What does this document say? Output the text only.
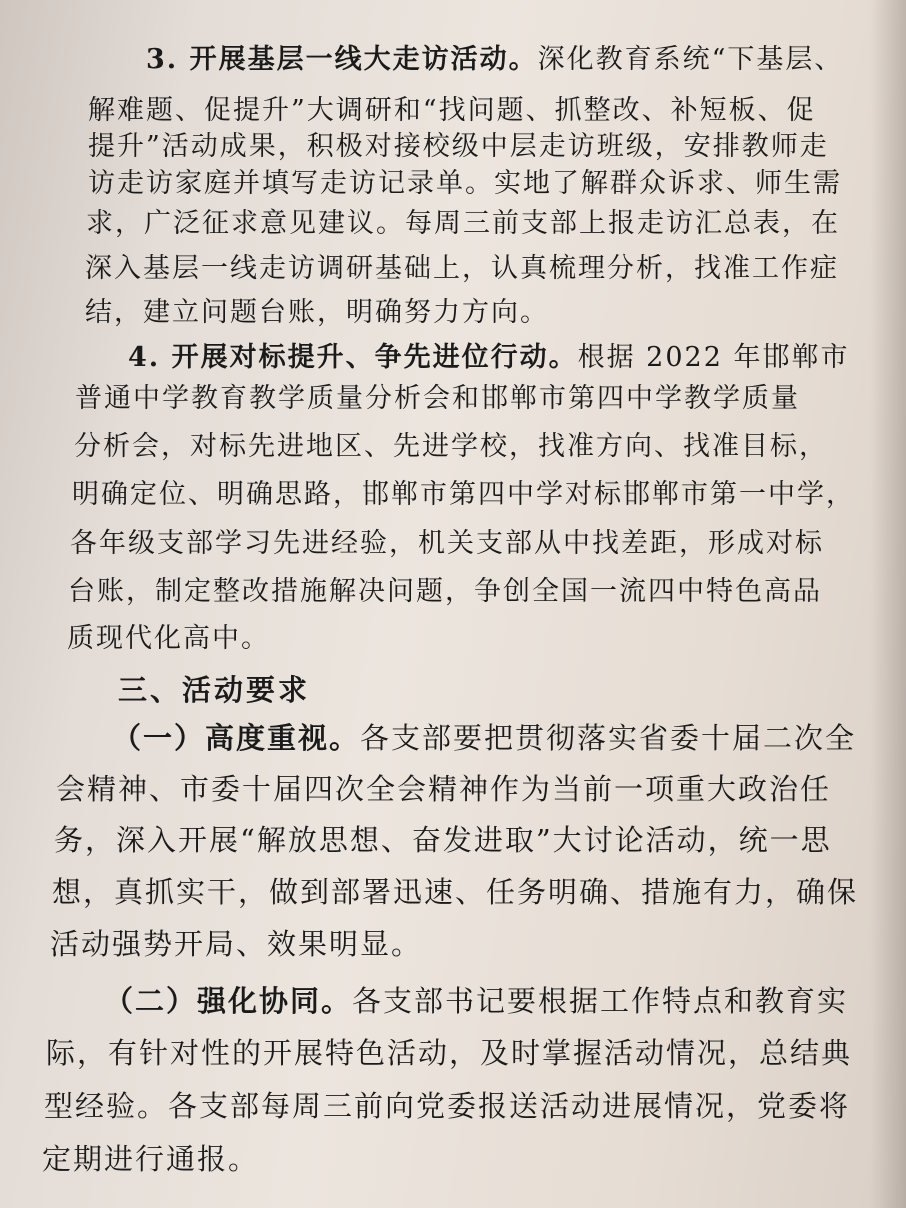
3. 开展基层一线大走访活动。深化教育系统“下基层、
解难题、促提升”大调研和“找问题、抓整改、补短板、促
提升”活动成果，积极对接校级中层走访班级，安排教师走
访走访家庭并填写走访记录单。实地了解群众诉求、师生需
求，广泛征求意见建议。每周三前支部上报走访汇总表，在
深入基层一线走访调研基础上，认真梳理分析，找准工作症
结，建立问题台账，明确努力方向。
4. 开展对标提升、争先进位行动。根据 2022 年邯郸市
普通中学教育教学质量分析会和邯郸市第四中学教学质量
分析会，对标先进地区、先进学校，找准方向、找准目标，
明确定位、明确思路，邯郸市第四中学对标邯郸市第一中学，
各年级支部学习先进经验，机关支部从中找差距，形成对标
台账，制定整改措施解决问题，争创全国一流四中特色高品
质现代化高中。
三、活动要求
（一）高度重视。各支部要把贯彻落实省委十届二次全
会精神、市委十届四次全会精神作为当前一项重大政治任
务，深入开展“解放思想、奋发进取”大讨论活动，统一思
想，真抓实干，做到部署迅速、任务明确、措施有力，确保
活动强势开局、效果明显。
（二）强化协同。各支部书记要根据工作特点和教育实
际，有针对性的开展特色活动，及时掌握活动情况，总结典
型经验。各支部每周三前向党委报送活动进展情况，党委将
定期进行通报。
